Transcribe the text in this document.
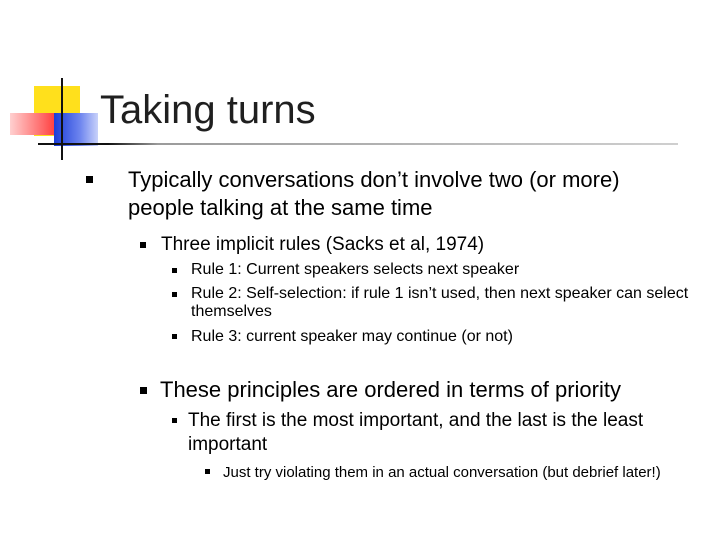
Taking turns
Typically conversations don’t involve two (or more) people talking at the same time
Three implicit rules (Sacks et al, 1974)
Rule 1: Current speakers selects next speaker
Rule 2: Self-selection: if rule 1 isn’t used, then next speaker can select themselves
Rule 3: current speaker may continue (or not)
These principles are ordered in terms of priority
The first is the most important, and the last is the least important
Just try violating them in an actual conversation (but debrief later!)
